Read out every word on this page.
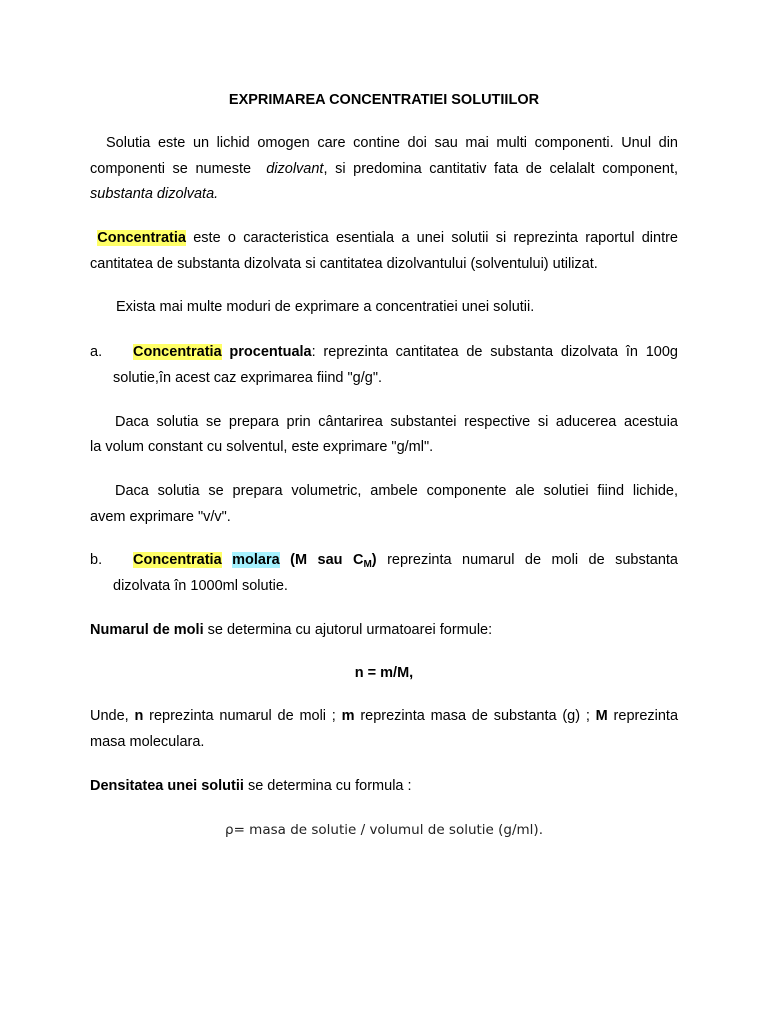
EXPRIMAREA CONCENTRATIEI SOLUTIILOR
Solutia este un lichid omogen care contine doi sau mai multi componenti. Unul din
componenti se numeste dizolvant, si predomina cantitativ fata de celalalt component,
substanta dizolvata.
Concentratia este o caracteristica esentiala a unei solutii si reprezinta raportul dintre
cantitatea de substanta dizolvata si cantitatea dizolvantului (solventului) utilizat.
Exista mai multe moduri de exprimare a concentratiei unei solutii.
a. Concentratia procentuala: reprezinta cantitatea de substanta dizolvata în 100g
solutie,în acest caz exprimarea fiind "g/g".
Daca solutia se prepara prin cântarirea substantei respective si aducerea acestuia
la volum constant cu solventul, este exprimare "g/ml".
Daca solutia se prepara volumetric, ambele componente ale solutiei fiind lichide,
avem exprimare "v/v".
b. Concentratia molara (M sau $C_M$) reprezinta numarul de moli de substanta
dizolvata în 1000ml solutie.
Numarul de moli se determina cu ajutorul urmatoarei formule:
n = m/M,
Unde, n reprezinta numarul de moli ; m reprezinta masa de substanta (g) ; M reprezinta
masa moleculara.
Densitatea unei solutii se determina cu formula :
ρ= masa de solutie / volumul de solutie (g/ml).
